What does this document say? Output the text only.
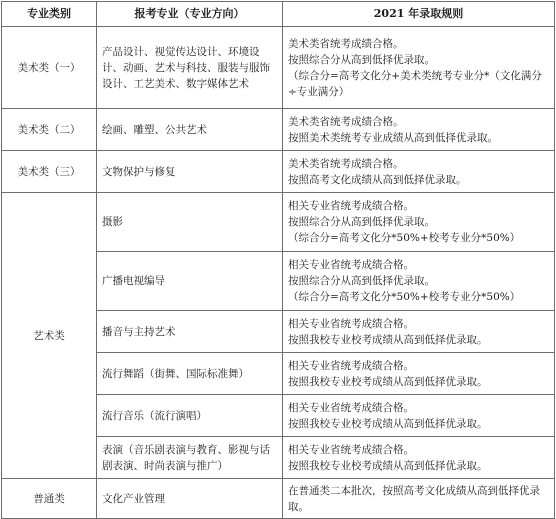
专业类别	报考专业（专业方向）	2021 年录取规则
美术类（一）	产品设计、视觉传达设计、环境设计、动画、艺术与科技、服装与服饰设计、工艺美术、数字媒体艺术	美术类省统考成绩合格。
按照综合分从高到低择优录取。
（综合分=高考文化分+美术类统考专业分*（文化满分÷专业满分）

美术类（二）	绘画、雕塑、公共艺术	美术类省统考成绩合格。
按照美术类统考专业成绩从高到低择优录取。

美术类（三）	文物保护与修复	美术类省统考成绩合格。
按照高考文化成绩从高到低择优录取。

艺术类	摄影	相关专业省统考成绩合格。
按照综合分从高到低择优录取。
（综合分=高考文化分*50%+校考专业分*50%）

	广播电视编导	相关专业省统考成绩合格。
按照综合分从高到低择优录取。
（综合分=高考文化分*50%+校考专业分*50%）

	播音与主持艺术	相关专业省统考成绩合格。
按照我校专业校考成绩从高到低择优录取。

	流行舞蹈（街舞、国际标准舞）	相关专业省统考成绩合格。
按照我校专业校考成绩从高到低择优录取。

	流行音乐（流行演唱）	相关专业省统考成绩合格。
按照我校专业校考成绩从高到低择优录取。

	表演（音乐剧表演与教育、影视与话剧表演、时尚表演与推广）	相关专业省统考成绩合格。
按照我校专业校考成绩从高到低择优录取。

普通类	文化产业管理	在普通类二本批次，按照高考文化成绩从高到低择优录取。
